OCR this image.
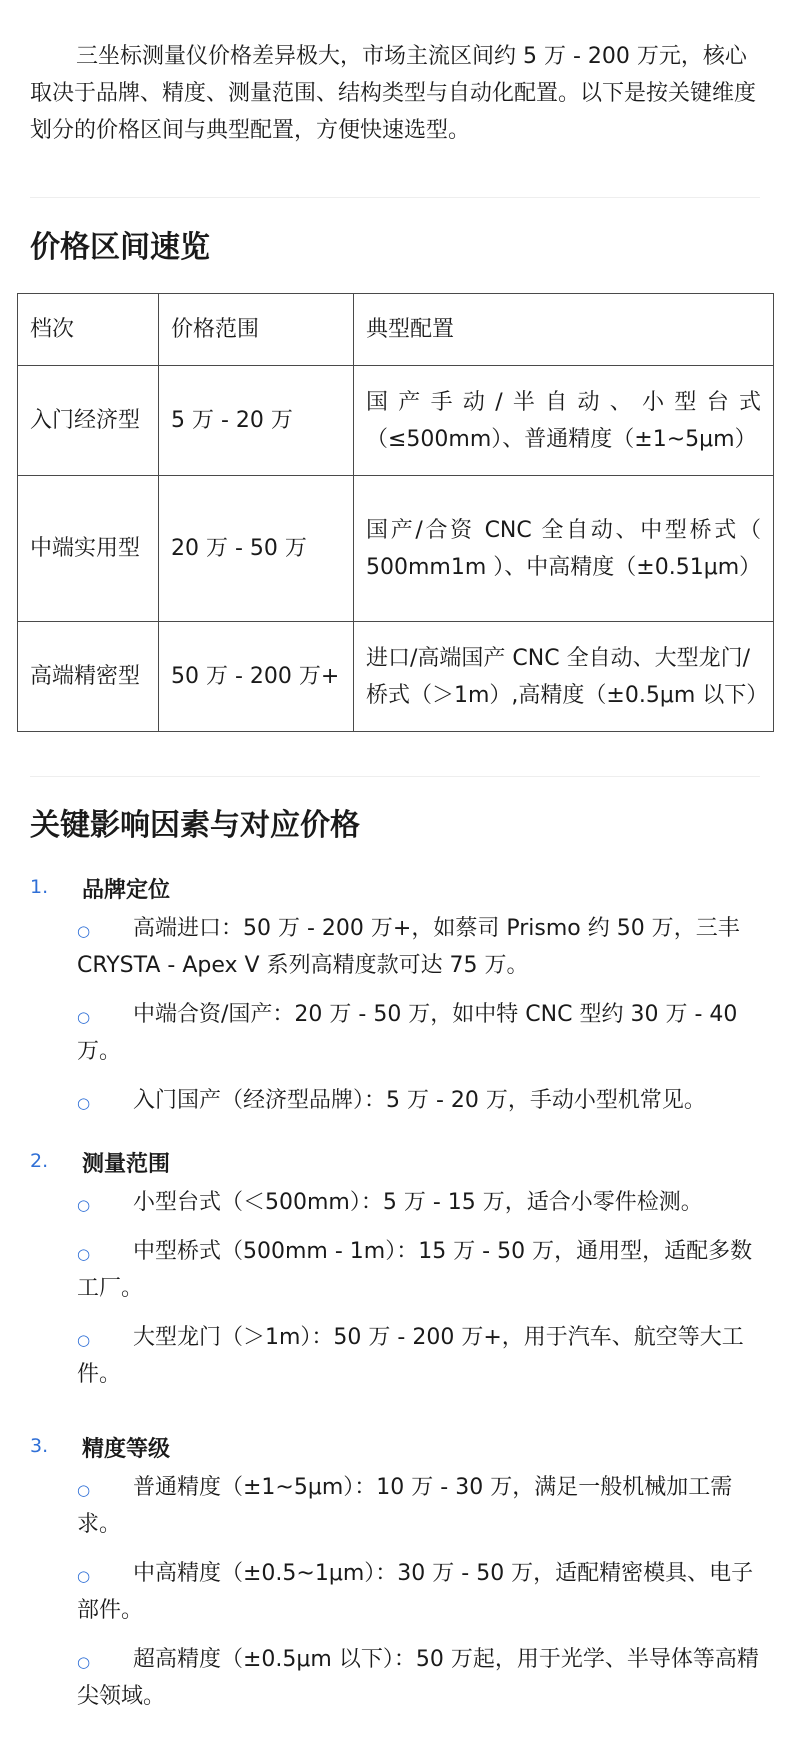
三坐标测量仪价格差异极大，市场主流区间约 5 万 - 200 万元，核心取决于品牌、精度、测量范围、结构类型与自动化配置。以下是按关键维度划分的价格区间与典型配置，方便快速选型。

价格区间速览
档次	价格范围	典型配置
入门经济型	5 万 - 20 万	国产手动/半自动、小型台式（≤500mm）、普通精度（±1~5μm）
中端实用型	20 万 - 50 万	国产/合资 CNC 全自动、中型桥式（ 500mm1m ）、中高精度（±0.51μm）
高端精密型	50 万 - 200 万+	进口/高端国产 CNC 全自动、大型龙门/桥式（＞1m）,高精度（±0.5μm 以下）
关键影响因素与对应价格
1. 品牌定位
○	高端进口：50 万 - 200 万+，如蔡司 Prismo 约 50 万，三丰 CRYSTA - Apex V 系列高精度款可达 75 万。
○	中端合资/国产：20 万 - 50 万，如中特 CNC 型约 30 万 - 40 万。
○	入门国产（经济型品牌）：5 万 - 20 万，手动小型机常见。
2. 测量范围
○	小型台式（＜500mm）：5 万 - 15 万，适合小零件检测。
○	中型桥式（500mm - 1m）：15 万 - 50 万，通用型，适配多数工厂。
○	大型龙门（＞1m）：50 万 - 200 万+，用于汽车、航空等大工件。
3. 精度等级
○	普通精度（±1~5μm）：10 万 - 30 万，满足一般机械加工需求。
○	中高精度（±0.5~1μm）：30 万 - 50 万，适配精密模具、电子部件。
○	超高精度（±0.5μm 以下）：50 万起，用于光学、半导体等高精尖领域。
